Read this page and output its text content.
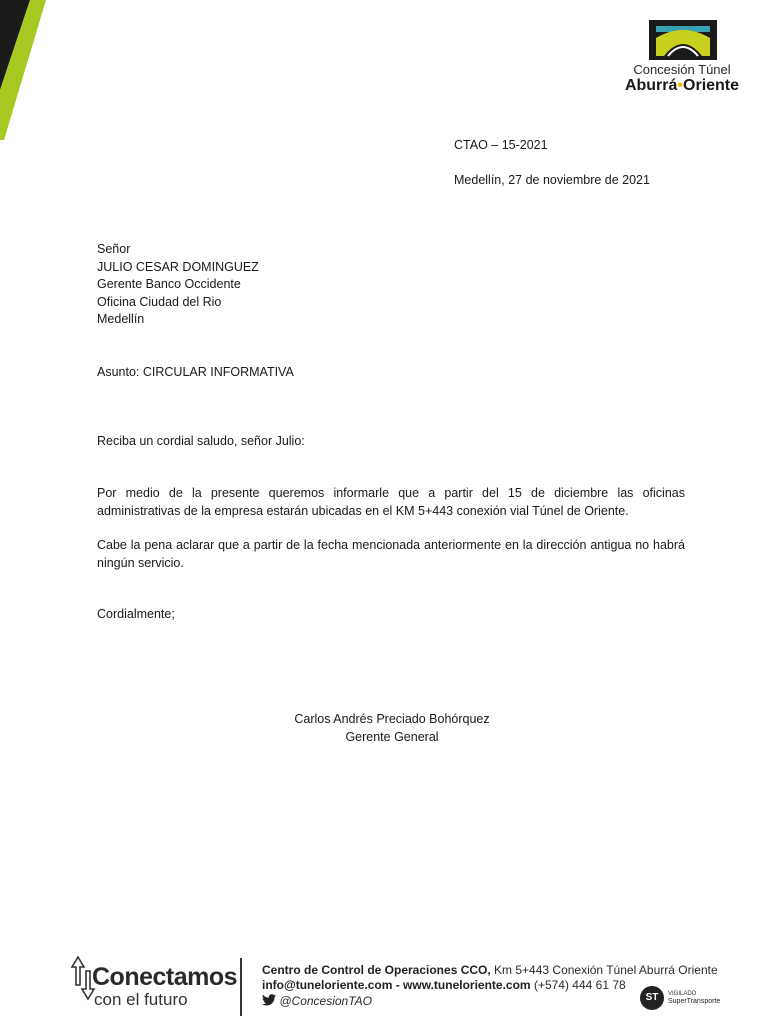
Concesión Túnel
Aburrá•Oriente
CTAO – 15-2021
Medellín, 27 de noviembre de 2021
Señor
JULIO CESAR DOMINGUEZ
Gerente Banco Occidente
Oficina Ciudad del Rio
Medellín
Asunto: CIRCULAR INFORMATIVA
Reciba un cordial saludo, señor Julio:
Por medio de la presente queremos informarle que a partir del 15 de diciembre las oficinas administrativas de la empresa estarán ubicadas en el KM 5+443 conexión vial Túnel de Oriente.
Cabe la pena aclarar que a partir de la fecha mencionada anteriormente en la dirección antigua no habrá ningún servicio.
Cordialmente;
Carlos Andrés Preciado Bohórquez
Gerente General
Conectamos
con el futuro
Centro de Control de Operaciones CCO, Km 5+443 Conexión Túnel Aburrá Oriente
info@tuneloriente.com - www.tuneloriente.com (+574) 444 61 78
@ConcesionTAO	ST	VIGILADO
SuperTransporte
